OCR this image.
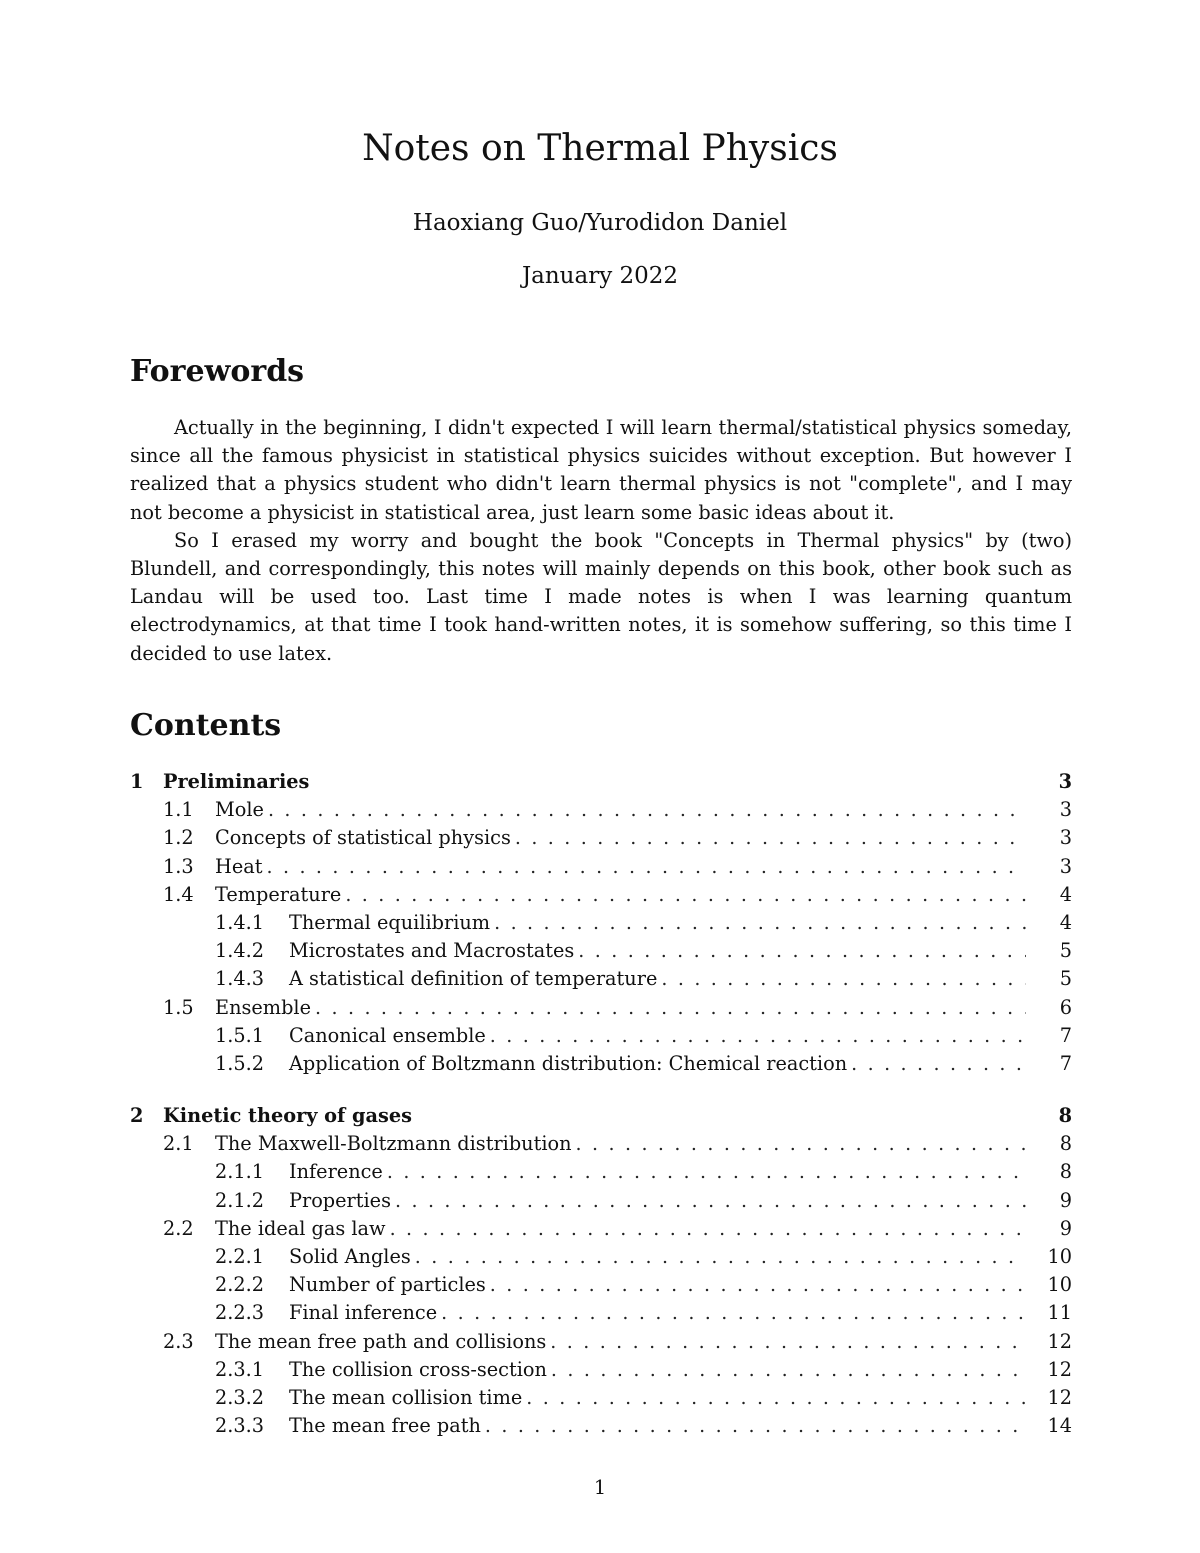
Notes on Thermal Physics
Haoxiang Guo/Yurodidon Daniel
January 2022
Forewords

Actually in the beginning, I didn't expected I will learn thermal/statistical physics someday, since all the famous physicist in statistical physics suicides without exception. But however I realized that a physics student who didn't learn thermal physics is not "complete", and I may not become a physicist in statistical area, just learn some basic ideas about it.

So I erased my worry and bought the book "Concepts in Thermal physics" by (two) Blundell, and correspondingly, this notes will mainly depends on this book, other book such as Landau will be used too. Last time I made notes is when I was learning quantum electrodynamics, at that time I took hand-written notes, it is somehow suffering, so this time I decided to use latex.

Contents
1 Preliminaries	3
1.1 Mole . . .	3
1.2 Concepts of statistical physics . . .	3
1.3 Heat . . .	3
1.4 Temperature . . .	4
1.4.1 Thermal equilibrium . . .	4
1.4.2 Microstates and Macrostates . . .	5
1.4.3 A statistical definition of temperature . . .	5
1.5 Ensemble . . .	6
1.5.1 Canonical ensemble . . .	7
1.5.2 Application of Boltzmann distribution: Chemical reaction . . .	7
2 Kinetic theory of gases	8
2.1 The Maxwell-Boltzmann distribution . . .	8
2.1.1 Inference . . .	8
2.1.2 Properties . . .	9
2.2 The ideal gas law . . .	9
2.2.1 Solid Angles . . .	10
2.2.2 Number of particles . . .	10
2.2.3 Final inference . . .	11
2.3 The mean free path and collisions . . .	12
2.3.1 The collision cross-section . . .	12
2.3.2 The mean collision time . . .	12
2.3.3 The mean free path . . .	14
1
